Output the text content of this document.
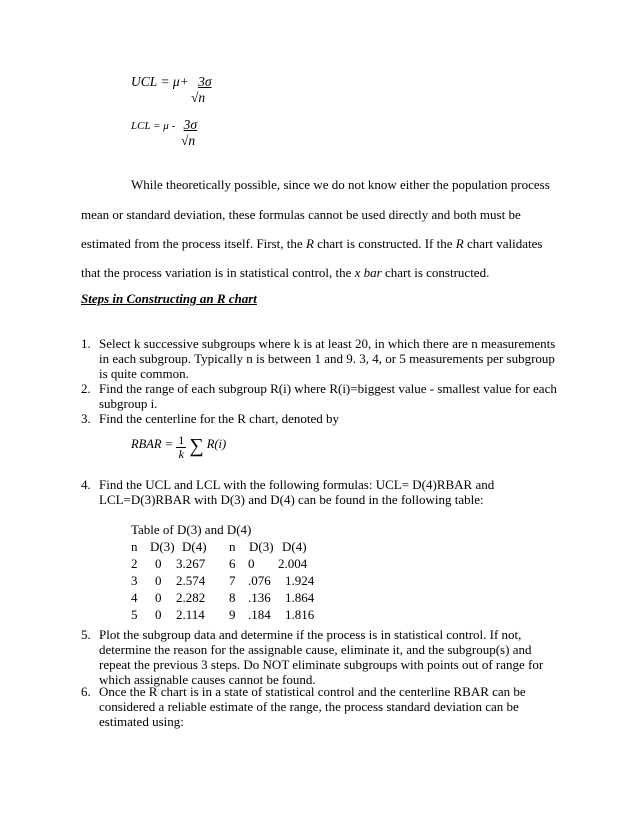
UCL = μ+ 3σ
√n
LCL = μ - 3σ
√n
While theoretically possible, since we do not know either the population process
mean or standard deviation, these formulas cannot be used directly and both must be
estimated from the process itself. First, the R chart is constructed. If the R chart validates
that the process variation is in statistical control, the x bar chart is constructed.
Steps in Constructing an R chart
1. Select k successive subgroups where k is at least 20, in which there are n measurements in each subgroup. Typically n is between 1 and 9. 3, 4, or 5 measurements per subgroup is quite common.
2. Find the range of each subgroup R(i) where R(i)=biggest value - smallest value for each subgroup i.
3. Find the centerline for the R chart, denoted by
RBAR = $\frac{1}{k}$ ∑ R(i)
4. Find the UCL and LCL with the following formulas: UCL= D(4)RBAR and LCL=D(3)RBAR with D(3) and D(4) can be found in the following table:
Table of D(3) and D(4)
n D(3) D(4)	n	D(3) D(4)
2	0	3.267	6 0	2.004
3	0	2.574	7 .076	1.924
4	0	2.282	8 .136	1.864
5	0	2.114	9 .184	1.816
5. Plot the subgroup data and determine if the process is in statistical control. If not, determine the reason for the assignable cause, eliminate it, and the subgroup(s) and repeat the previous 3 steps. Do NOT eliminate subgroups with points out of range for which assignable causes cannot be found.
6. Once the R chart is in a state of statistical control and the centerline RBAR can be considered a reliable estimate of the range, the process standard deviation can be estimated using:
